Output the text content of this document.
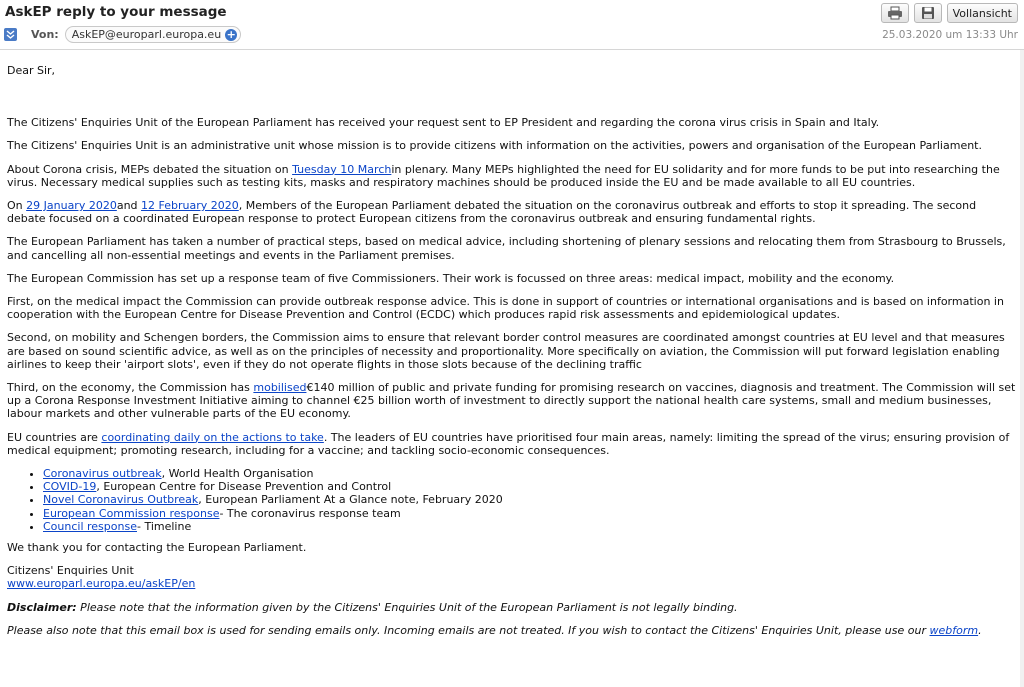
AskEP reply to your message	Vollansicht
Von: AskEP@europarl.europa.eu +	25.03.2020 um 13:33 Uhr

Dear Sir,

The Citizens' Enquiries Unit of the European Parliament has received your request sent to EP President and regarding the corona virus crisis in Spain and Italy.

The Citizens' Enquiries Unit is an administrative unit whose mission is to provide citizens with information on the activities, powers and organisation of the European Parliament.

About Corona crisis, MEPs debated the situation on Tuesday 10 Marchin plenary. Many MEPs highlighted the need for EU solidarity and for more funds to be put into researching the virus. Necessary medical supplies such as testing kits, masks and respiratory machines should be produced inside the EU and be made available to all EU countries.

On 29 January 2020and 12 February 2020, Members of the European Parliament debated the situation on the coronavirus outbreak and efforts to stop it spreading. The second debate focused on a coordinated European response to protect European citizens from the coronavirus outbreak and ensuring fundamental rights.

The European Parliament has taken a number of practical steps, based on medical advice, including shortening of plenary sessions and relocating them from Strasbourg to Brussels, and cancelling all non-essential meetings and events in the Parliament premises.

The European Commission has set up a response team of five Commissioners. Their work is focussed on three areas: medical impact, mobility and the economy.

First, on the medical impact the Commission can provide outbreak response advice. This is done in support of countries or international organisations and is based on information in cooperation with the European Centre for Disease Prevention and Control (ECDC) which produces rapid risk assessments and epidemiological updates.

Second, on mobility and Schengen borders, the Commission aims to ensure that relevant border control measures are coordinated amongst countries at EU level and that measures are based on sound scientific advice, as well as on the principles of necessity and proportionality. More specifically on aviation, the Commission will put forward legislation enabling airlines to keep their 'airport slots', even if they do not operate flights in those slots because of the declining traffic

Third, on the economy, the Commission has mobilised€140 million of public and private funding for promising research on vaccines, diagnosis and treatment. The Commission will set up a Corona Response Investment Initiative aiming to channel €25 billion worth of investment to directly support the national health care systems, small and medium businesses, labour markets and other vulnerable parts of the EU economy.

EU countries are coordinating daily on the actions to take. The leaders of EU countries have prioritised four main areas, namely: limiting the spread of the virus; ensuring provision of medical equipment; promoting research, including for a vaccine; and tackling socio-economic consequences.

• Coronavirus outbreak, World Health Organisation
• COVID-19, European Centre for Disease Prevention and Control
• Novel Coronavirus Outbreak, European Parliament At a Glance note, February 2020
• European Commission response- The coronavirus response team
• Council response- Timeline

We thank you for contacting the European Parliament.

Citizens' Enquiries Unit
www.europarl.europa.eu/askEP/en

Disclaimer: Please note that the information given by the Citizens' Enquiries Unit of the European Parliament is not legally binding.

Please also note that this email box is used for sending emails only. Incoming emails are not treated. If you wish to contact the Citizens' Enquiries Unit, please use our webform.
